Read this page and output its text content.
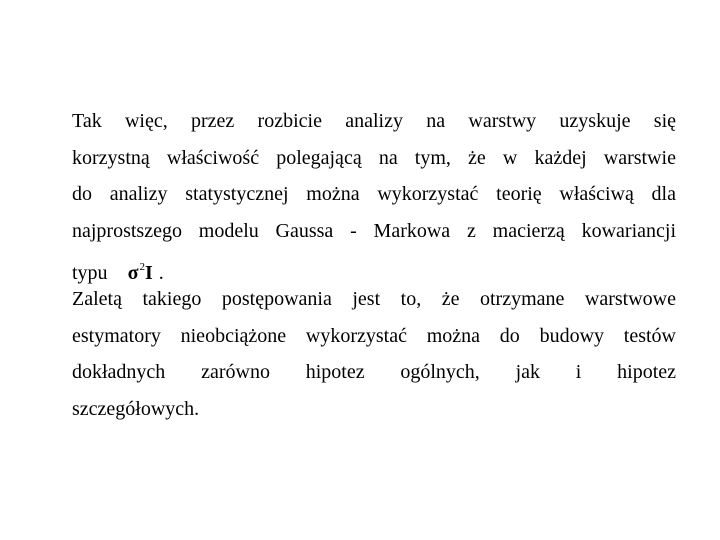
Tak więc, przez rozbicie analizy na warstwy uzyskuje się
korzystną właściwość polegającą na tym, że w każdej warstwie
do analizy statystycznej można wykorzystać teorię właściwą dla
najprostszego modelu Gaussa - Markowa z macierzą kowariancji
typu $\sigma^2I$ .
Zaletą takiego postępowania jest to, że otrzymane warstwowe
estymatory nieobciążone wykorzystać można do budowy testów
dokładnych zarówno hipotez ogólnych, jak i hipotez
szczegółowych.
